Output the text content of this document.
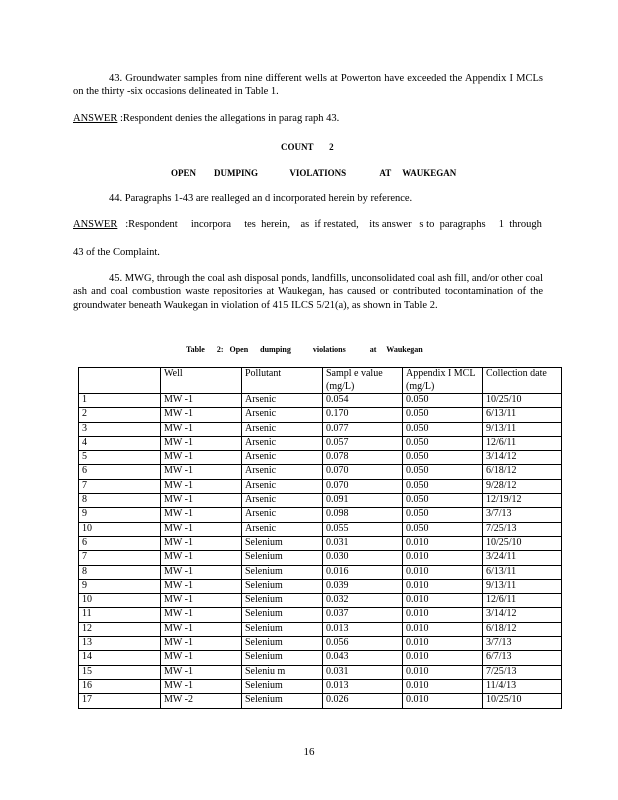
43. Groundwater samples from nine different wells at Powerton have exceeded the Appendix I MCLs on the thirty -six occasions delineated in Table 1.
ANSWER :Respondent denies the allegations in parag raph 43.
COUNT       2
OPEN        DUMPING              VIOLATIONS               AT     WAUKEGAN
44. Paragraphs 1-43 are realleged an d incorporated herein by reference.
ANSWER   :Respondent     incorpora     tes  herein,    as  if restated,    its answer   s to  paragraphs     1  through
43 of the Complaint.
45. MWG, through the coal ash disposal ponds, landfills, unconsolidated coal ash fill, and/or other coal ash and coal combustion waste repositories at Waukegan, has caused or contributed tocontamination of the groundwater beneath Waukegan in violation of 415 ILCS 5/21(a), as shown in Table 2.
Table      2:   Open      dumping           violations            at     Waukegan
	Well	Pollutant	Sampl e value (mg/L)	Appendix I MCL (mg/L)	Collection date
1	MW -1	Arsenic	0.054	0.050	10/25/10
2	MW -1	Arsenic	0.170	0.050	6/13/11
3	MW -1	Arsenic	0.077	0.050	9/13/11
4	MW -1	Arsenic	0.057	0.050	12/6/11
5	MW -1	Arsenic	0.078	0.050	3/14/12
6	MW -1	Arsenic	0.070	0.050	6/18/12
7	MW -1	Arsenic	0.070	0.050	9/28/12
8	MW -1	Arsenic	0.091	0.050	12/19/12
9	MW -1	Arsenic	0.098	0.050	3/7/13
10	MW -1	Arsenic	0.055	0.050	7/25/13
6	MW -1	Selenium	0.031	0.010	10/25/10
7	MW -1	Selenium	0.030	0.010	3/24/11
8	MW -1	Selenium	0.016	0.010	6/13/11
9	MW -1	Selenium	0.039	0.010	9/13/11
10	MW -1	Selenium	0.032	0.010	12/6/11
11	MW -1	Selenium	0.037	0.010	3/14/12
12	MW -1	Selenium	0.013	0.010	6/18/12
13	MW -1	Selenium	0.056	0.010	3/7/13
14	MW -1	Selenium	0.043	0.010	6/7/13
15	MW -1	Seleniu m	0.031	0.010	7/25/13
16	MW -1	Selenium	0.013	0.010	11/4/13
17	MW -2	Selenium	0.026	0.010	10/25/10
16
